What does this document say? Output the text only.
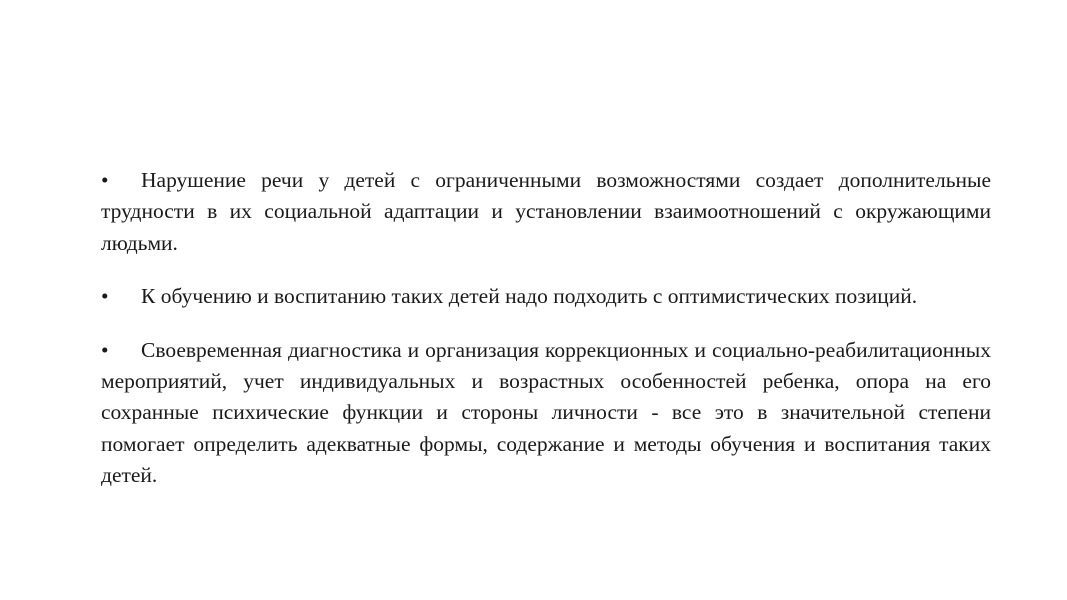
• Нарушение речи у детей с ограниченными возможностями создает дополнительные трудности в их социальной адаптации и установлении взаимоотношений с окружающими людьми.

• К обучению и воспитанию таких детей надо подходить с оптимистических позиций.

• Своевременная диагностика и организация коррекционных и социально-реабилитационных мероприятий, учет индивидуальных и возрастных особенностей ребенка, опора на его сохранные психические функции и стороны личности - все это в значительной степени помогает определить адекватные формы, содержание и методы обучения и воспитания таких детей.
